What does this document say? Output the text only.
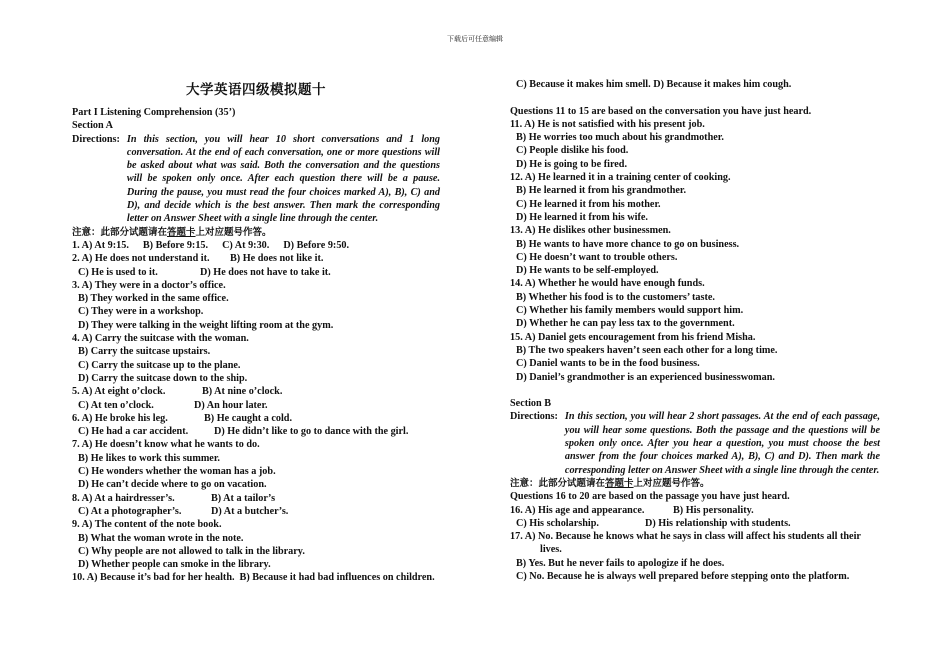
下载后可任意编辑
大学英语四级模拟题十
Part I Listening Comprehension (35’)
Section A
Directions: In this section, you will hear 10 short conversations and 1 long conversation. At the end of each conversation, one or more questions will be asked about what was said. Both the conversation and the questions will be spoken only once. After each question there will be a pause. During the pause, you must read the four choices marked A), B), C) and D), and decide which is the best answer. Then mark the corresponding letter on Answer Sheet with a single line through the center.
注意：此部分试题请在答题卡上对应题号作答。
1. A) At 9:15. B) Before 9:15. C) At 9:30. D) Before 9:50.
2. A) He does not understand it. B) He does not like it.
C) He is used to it.	D) He does not have to take it.
3. A) They were in a doctor’s office.
B) They worked in the same office.
C) They were in a workshop.
D) They were talking in the weight lifting room at the gym.
4. A) Carry the suitcase with the woman.
B) Carry the suitcase upstairs.
C) Carry the suitcase up to the plane.
D) Carry the suitcase down to the ship.
5. A) At eight o’clock.	B) At nine o’clock.
C) At ten o’clock.	D) An hour later.
6. A) He broke his leg.	B) He caught a cold.
C) He had a car accident.	D) He didn’t like to go to dance with the girl.
7. A) He doesn’t know what he wants to do.
B) He likes to work this summer.
C) He wonders whether the woman has a job.
D) He can’t decide where to go on vacation.
8. A) At a hairdresser’s.	B) At a tailor’s
C) At a photographer’s.	D) At a butcher’s.
9. A) The content of the note book.
B) What the woman wrote in the note.
C) Why people are not allowed to talk in the library.
D) Whether people can smoke in the library.
10. A) Because it’s bad for her health. B) Because it had bad influences on children.
C) Because it makes him smell. D) Because it makes him cough.
Questions 11 to 15 are based on the conversation you have just heard.
11. A) He is not satisfied with his present job.
B) He worries too much about his grandmother.
C) People dislike his food.
D) He is going to be fired.
12. A) He learned it in a training center of cooking.
B) He learned it from his grandmother.
C) He learned it from his mother.
D) He learned it from his wife.
13. A) He dislikes other businessmen.
B) He wants to have more chance to go on business.
C) He doesn’t want to trouble others.
D) He wants to be self-employed.
14. A) Whether he would have enough funds.
B) Whether his food is to the customers’ taste.
C) Whether his family members would support him.
D) Whether he can pay less tax to the government.
15. A) Daniel gets encouragement from his friend Misha.
B) The two speakers haven’t seen each other for a long time.
C) Daniel wants to be in the food business.
D) Daniel’s grandmother is an experienced businesswoman.
Section B
Directions: In this section, you will hear 2 short passages. At the end of each passage, you will hear some questions. Both the passage and the questions will be spoken only once. After you hear a question, you must choose the best answer from the four choices marked A), B), C) and D). Then mark the corresponding letter on Answer Sheet with a single line through the center.
注意：此部分试题请在答题卡上对应题号作答。
Questions 16 to 20 are based on the passage you have just heard.
16. A) His age and appearance.	B) His personality.
C) His scholarship.	D) His relationship with students.
17. A) No. Because he knows what he says in class will affect his students all their
lives.
B) Yes. But he never fails to apologize if he does.
C) No. Because he is always well prepared before stepping onto the platform.
